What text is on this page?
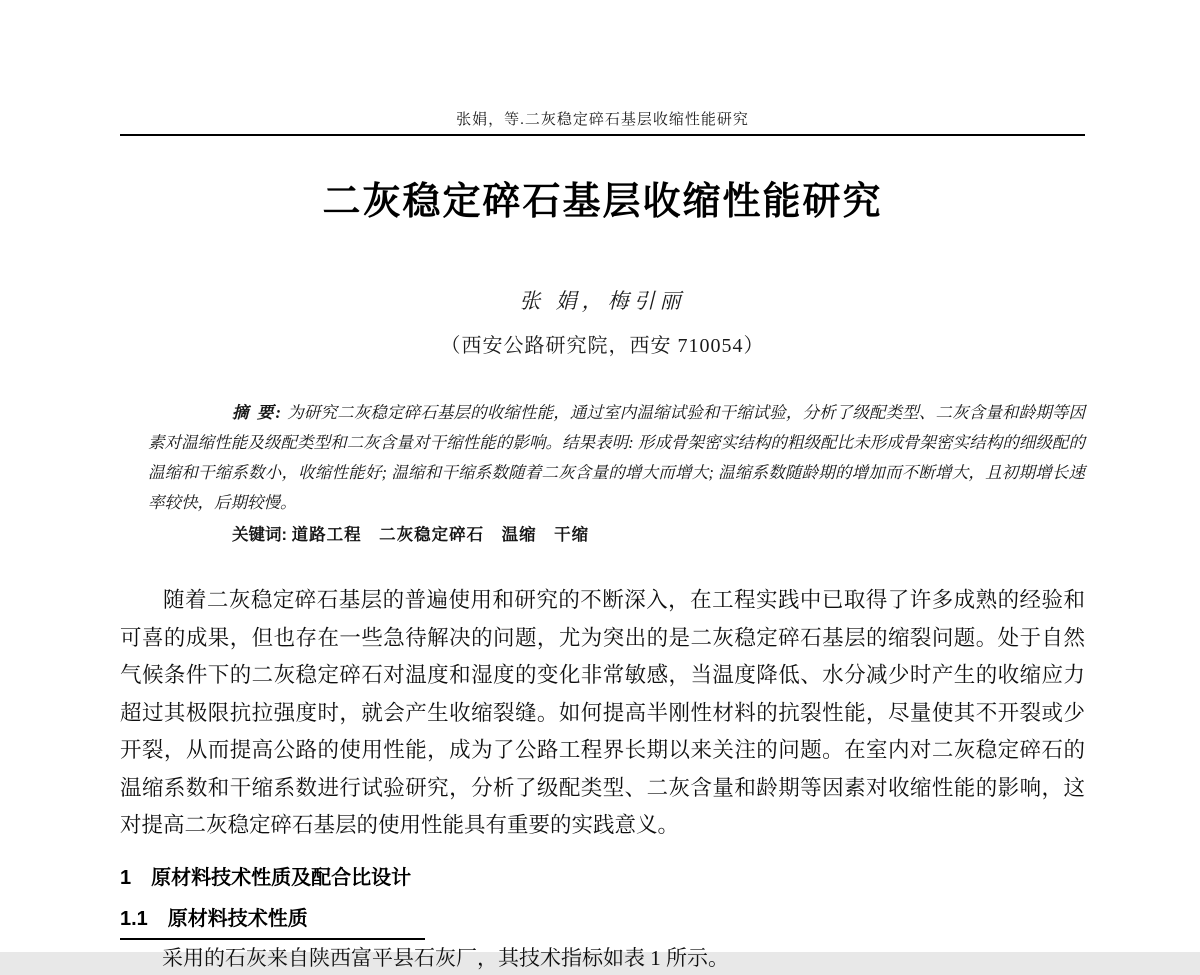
张娟，等.二灰稳定碎石基层收缩性能研究
二灰稳定碎石基层收缩性能研究
张 娟，梅引丽
（西安公路研究院，西安 710054）

摘 要: 为研究二灰稳定碎石基层的收缩性能，通过室内温缩试验和干缩试验，分析了级配类型、二灰含量和龄期等因素对温缩性能及级配类型和二灰含量对干缩性能的影响。结果表明: 形成骨架密实结构的粗级配比未形成骨架密实结构的细级配的温缩和干缩系数小，收缩性能好; 温缩和干缩系数随着二灰含量的增大而增大; 温缩系数随龄期的增加而不断增大，且初期增长速率较快，后期较慢。

关键词: 道路工程　二灰稳定碎石　温缩　干缩

随着二灰稳定碎石基层的普遍使用和研究的不断深入，在工程实践中已取得了许多成熟的经验和可喜的成果，但也存在一些急待解决的问题，尤为突出的是二灰稳定碎石基层的缩裂问题。处于自然气候条件下的二灰稳定碎石对温度和湿度的变化非常敏感，当温度降低、水分减少时产生的收缩应力超过其极限抗拉强度时，就会产生收缩裂缝。如何提高半刚性材料的抗裂性能，尽量使其不开裂或少开裂，从而提高公路的使用性能，成为了公路工程界长期以来关注的问题。在室内对二灰稳定碎石的温缩系数和干缩系数进行试验研究，分析了级配类型、二灰含量和龄期等因素对收缩性能的影响，这对提高二灰稳定碎石基层的使用性能具有重要的实践意义。

1　原材料技术性质及配合比设计
1.1　原材料技术性质

采用的石灰来自陕西富平县石灰厂，其技术指标如表 1 所示。
